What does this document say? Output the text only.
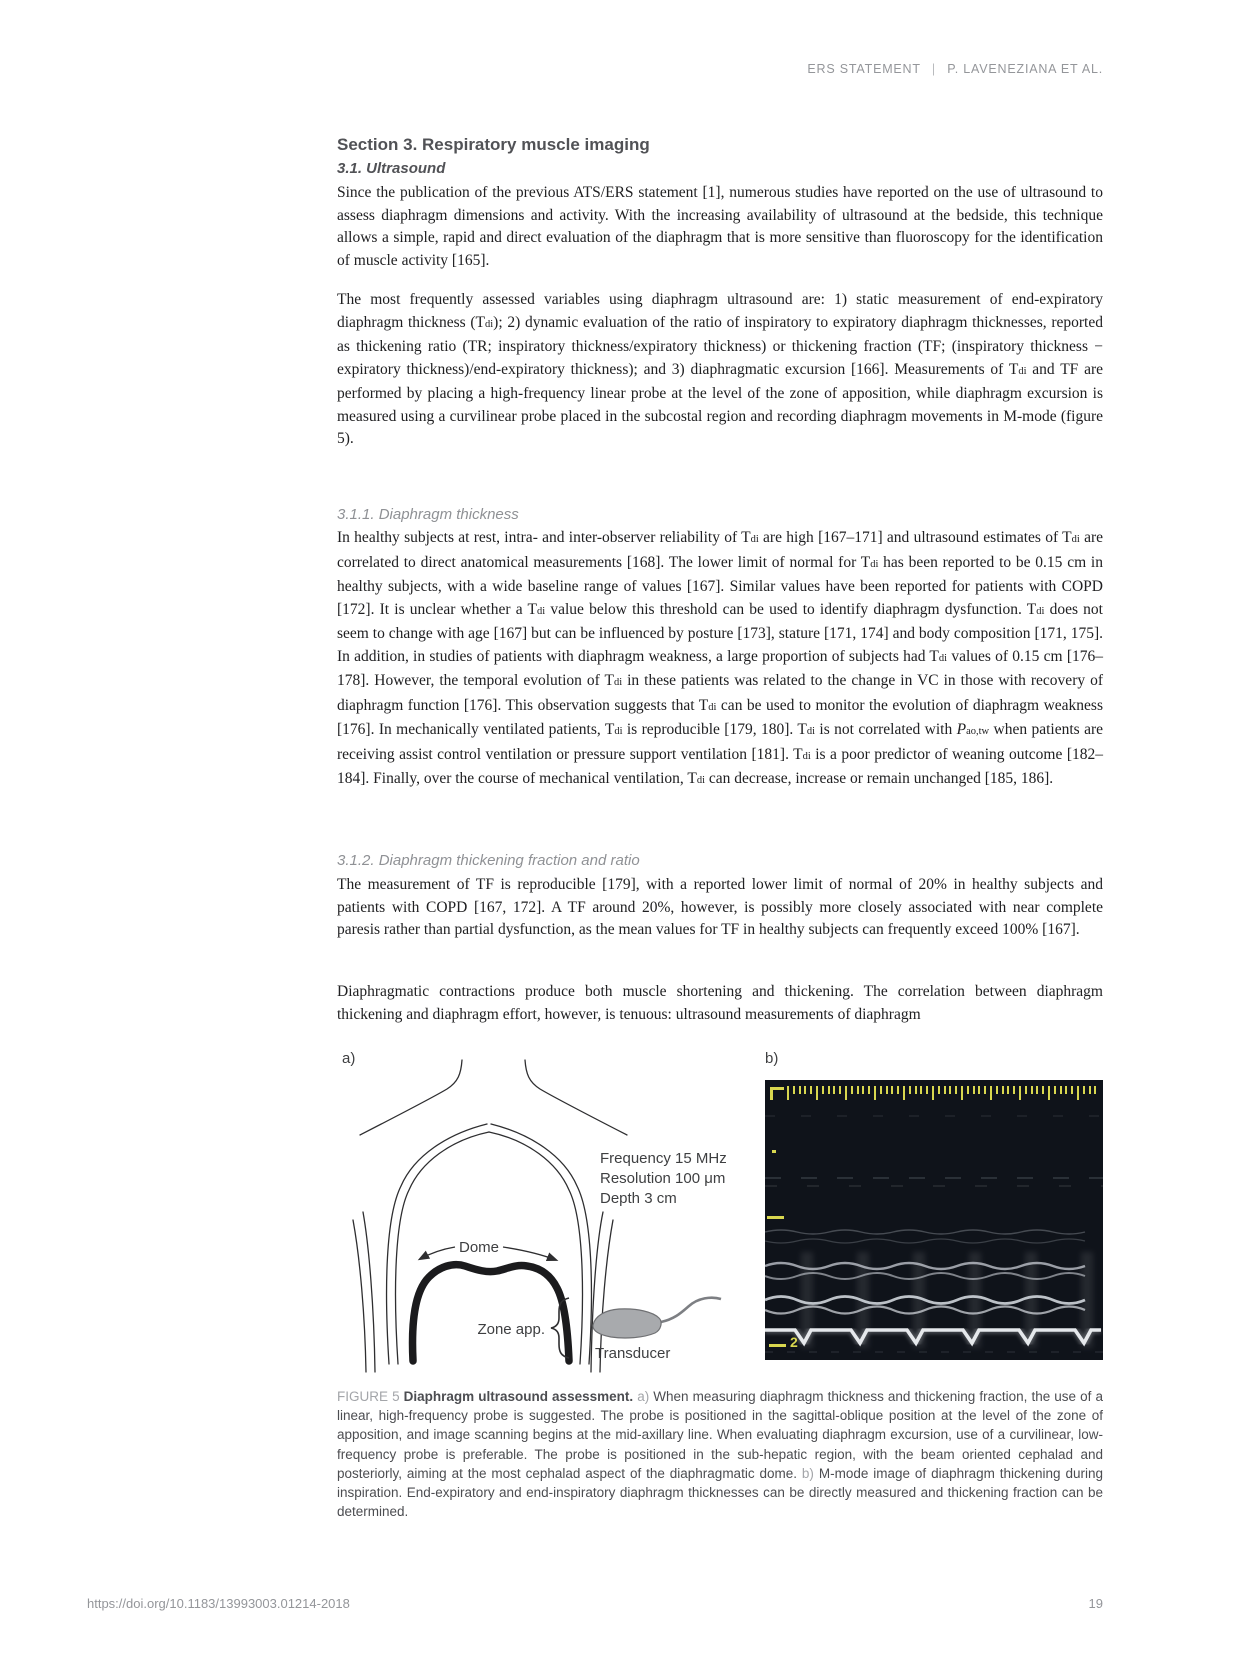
ERS STATEMENT | P. LAVENEZIANA ET AL.
Section 3. Respiratory muscle imaging
3.1. Ultrasound

Since the publication of the previous ATS/ERS statement [1], numerous studies have reported on the use of ultrasound to assess diaphragm dimensions and activity. With the increasing availability of ultrasound at the bedside, this technique allows a simple, rapid and direct evaluation of the diaphragm that is more sensitive than fluoroscopy for the identification of muscle activity [165].

The most frequently assessed variables using diaphragm ultrasound are: 1) static measurement of end-expiratory diaphragm thickness (Tdi); 2) dynamic evaluation of the ratio of inspiratory to expiratory diaphragm thicknesses, reported as thickening ratio (TR; inspiratory thickness/expiratory thickness) or thickening fraction (TF; (inspiratory thickness − expiratory thickness)/end-expiratory thickness); and 3) diaphragmatic excursion [166]. Measurements of Tdi and TF are performed by placing a high-frequency linear probe at the level of the zone of apposition, while diaphragm excursion is measured using a curvilinear probe placed in the subcostal region and recording diaphragm movements in M-mode (figure 5).

3.1.1. Diaphragm thickness

In healthy subjects at rest, intra- and inter-observer reliability of Tdi are high [167–171] and ultrasound estimates of Tdi are correlated to direct anatomical measurements [168]. The lower limit of normal for Tdi has been reported to be 0.15 cm in healthy subjects, with a wide baseline range of values [167]. Similar values have been reported for patients with COPD [172]. It is unclear whether a Tdi value below this threshold can be used to identify diaphragm dysfunction. Tdi does not seem to change with age [167] but can be influenced by posture [173], stature [171, 174] and body composition [171, 175]. In addition, in studies of patients with diaphragm weakness, a large proportion of subjects had Tdi values of 0.15 cm [176–178]. However, the temporal evolution of Tdi in these patients was related to the change in VC in those with recovery of diaphragm function [176]. This observation suggests that Tdi can be used to monitor the evolution of diaphragm weakness [176]. In mechanically ventilated patients, Tdi is reproducible [179, 180]. Tdi is not correlated with Pao,tw when patients are receiving assist control ventilation or pressure support ventilation [181]. Tdi is a poor predictor of weaning outcome [182–184]. Finally, over the course of mechanical ventilation, Tdi can decrease, increase or remain unchanged [185, 186].

3.1.2. Diaphragm thickening fraction and ratio

The measurement of TF is reproducible [179], with a reported lower limit of normal of 20% in healthy subjects and patients with COPD [167, 172]. A TF around 20%, however, is possibly more closely associated with near complete paresis rather than partial dysfunction, as the mean values for TF in healthy subjects can frequently exceed 100% [167].

Diaphragmatic contractions produce both muscle shortening and thickening. The correlation between diaphragm thickening and diaphragm effort, however, is tenuous: ultrasound measurements of diaphragm

a)	b)
Frequency 15 MHz
Resolution 100 μm
Depth 3 cm
Dome
Zone app.
Transducer
2

FIGURE 5 Diaphragm ultrasound assessment. a) When measuring diaphragm thickness and thickening fraction, the use of a linear, high-frequency probe is suggested. The probe is positioned in the sagittal-oblique position at the level of the zone of apposition, and image scanning begins at the mid-axillary line. When evaluating diaphragm excursion, use of a curvilinear, low-frequency probe is preferable. The probe is positioned in the sub-hepatic region, with the beam oriented cephalad and posteriorly, aiming at the most cephalad aspect of the diaphragmatic dome. b) M-mode image of diaphragm thickening during inspiration. End-expiratory and end-inspiratory diaphragm thicknesses can be directly measured and thickening fraction can be determined.

https://doi.org/10.1183/13993003.01214-2018	19
